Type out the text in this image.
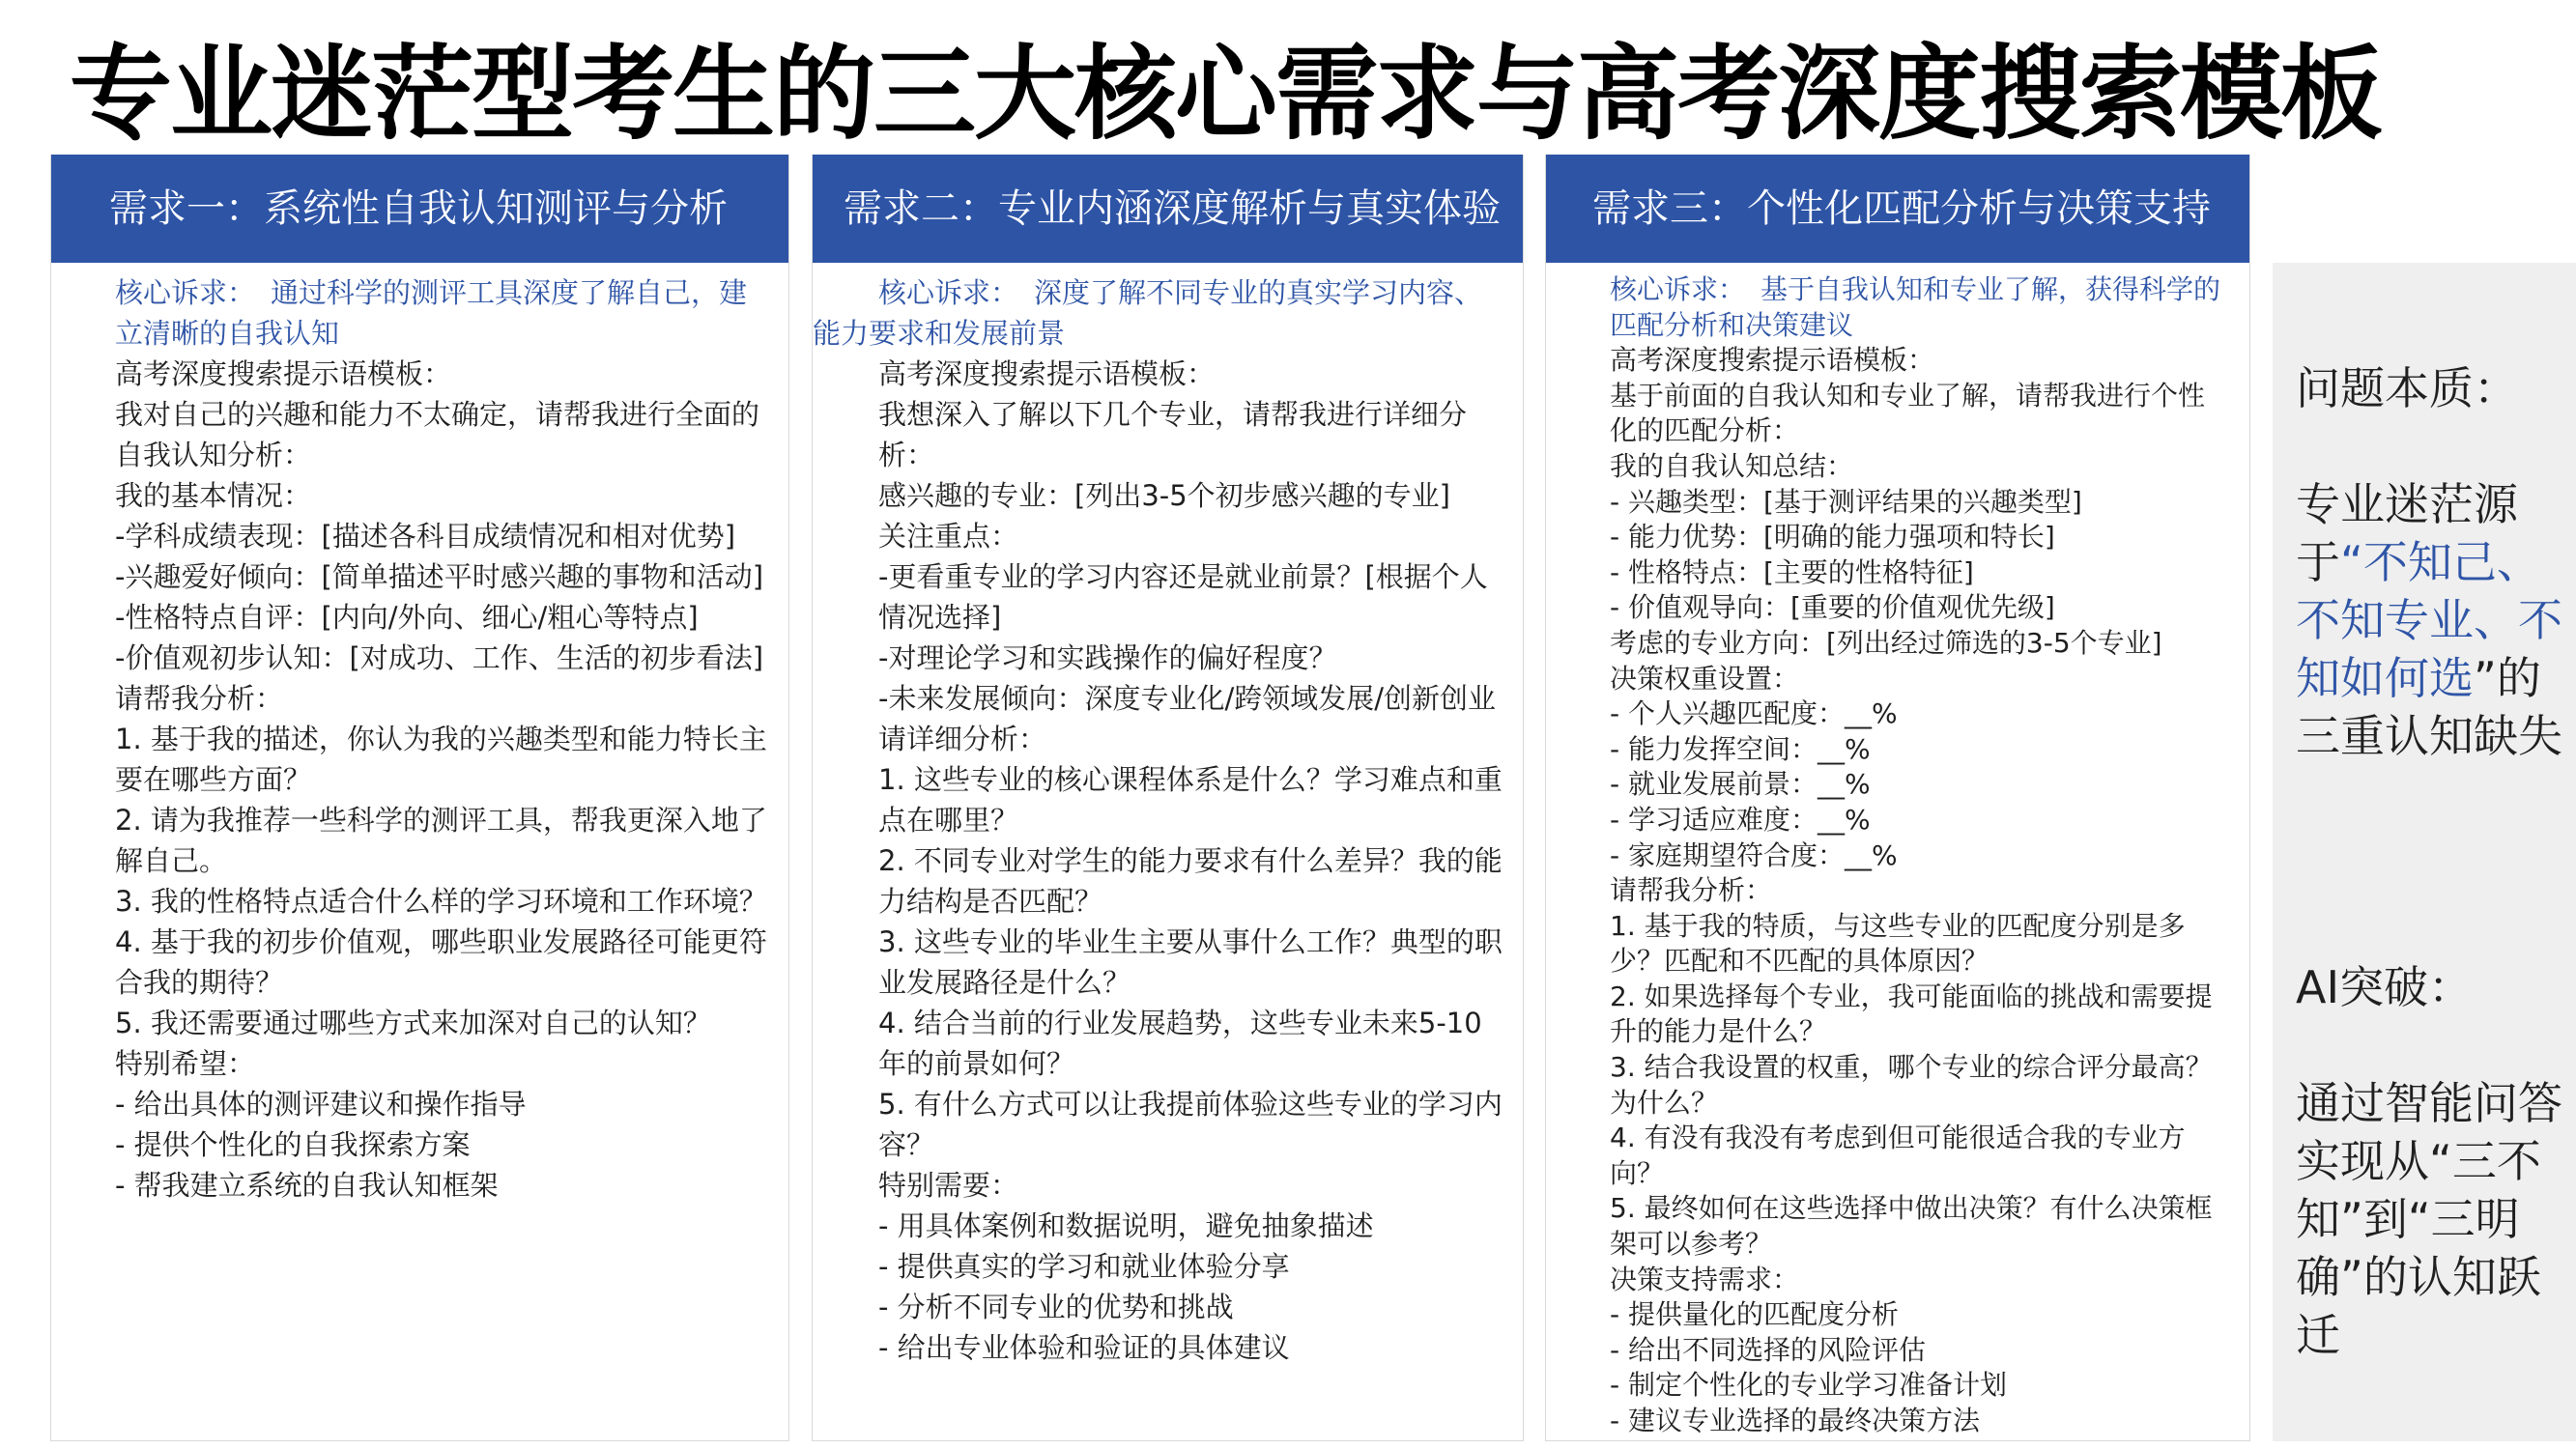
专业迷茫型考生的三大核心需求与高考深度搜索模板
需求一：系统性自我认知测评与分析
核心诉求： 通过科学的测评工具深度了解自己，建立清晰的自我认知
高考深度搜索提示语模板：
我对自己的兴趣和能力不太确定，请帮我进行全面的自我认知分析：
我的基本情况：
-学科成绩表现：[描述各科目成绩情况和相对优势]
-兴趣爱好倾向：[简单描述平时感兴趣的事物和活动]
-性格特点自评：[内向/外向、细心/粗心等特点]
-价值观初步认知：[对成功、工作、生活的初步看法]
请帮我分析：
1. 基于我的描述，你认为我的兴趣类型和能力特长主要在哪些方面？
2. 请为我推荐一些科学的测评工具，帮我更深入地了解自己。
3. 我的性格特点适合什么样的学习环境和工作环境？
4. 基于我的初步价值观，哪些职业发展路径可能更符合我的期待？
5. 我还需要通过哪些方式来加深对自己的认知？
特别希望：
- 给出具体的测评建议和操作指导
- 提供个性化的自我探索方案
- 帮我建立系统的自我认知框架
需求二：专业内涵深度解析与真实体验
核心诉求： 深度了解不同专业的真实学习内容、能力要求和发展前景
高考深度搜索提示语模板：
我想深入了解以下几个专业，请帮我进行详细分析：
感兴趣的专业：[列出3-5个初步感兴趣的专业]
关注重点：
-更看重专业的学习内容还是就业前景？[根据个人情况选择]
-对理论学习和实践操作的偏好程度？
-未来发展倾向：深度专业化/跨领域发展/创新创业
请详细分析：
1. 这些专业的核心课程体系是什么？学习难点和重点在哪里？
2. 不同专业对学生的能力要求有什么差异？我的能力结构是否匹配？
3. 这些专业的毕业生主要从事什么工作？典型的职业发展路径是什么？
4. 结合当前的行业发展趋势，这些专业未来5-10年的前景如何？
5. 有什么方式可以让我提前体验这些专业的学习内容？
特别需要：
- 用具体案例和数据说明，避免抽象描述
- 提供真实的学习和就业体验分享
- 分析不同专业的优势和挑战
- 给出专业体验和验证的具体建议
需求三：个性化匹配分析与决策支持
核心诉求： 基于自我认知和专业了解，获得科学的匹配分析和决策建议
高考深度搜索提示语模板：
基于前面的自我认知和专业了解，请帮我进行个性化的匹配分析：
我的自我认知总结：
- 兴趣类型：[基于测评结果的兴趣类型]
- 能力优势：[明确的能力强项和特长]
- 性格特点：[主要的性格特征]
- 价值观导向：[重要的价值观优先级]
考虑的专业方向：[列出经过筛选的3-5个专业]
决策权重设置：
- 个人兴趣匹配度：__%
- 能力发挥空间：__%
- 就业发展前景：__%
- 学习适应难度：__%
- 家庭期望符合度：__%
请帮我分析：
1. 基于我的特质，与这些专业的匹配度分别是多少？匹配和不匹配的具体原因？
2. 如果选择每个专业，我可能面临的挑战和需要提升的能力是什么？
3. 结合我设置的权重，哪个专业的综合评分最高？为什么？
4. 有没有我没有考虑到但可能很适合我的专业方向？
5. 最终如何在这些选择中做出决策？有什么决策框架可以参考？
决策支持需求：
- 提供量化的匹配度分析
- 给出不同选择的风险评估
- 制定个性化的专业学习准备计划
- 建议专业选择的最终决策方法
问题本质：
专业迷茫源于“不知己、不知专业、不知如何选”的三重认知缺失
AI突破：
通过智能问答实现从“三不知”到“三明确”的认知跃迁
